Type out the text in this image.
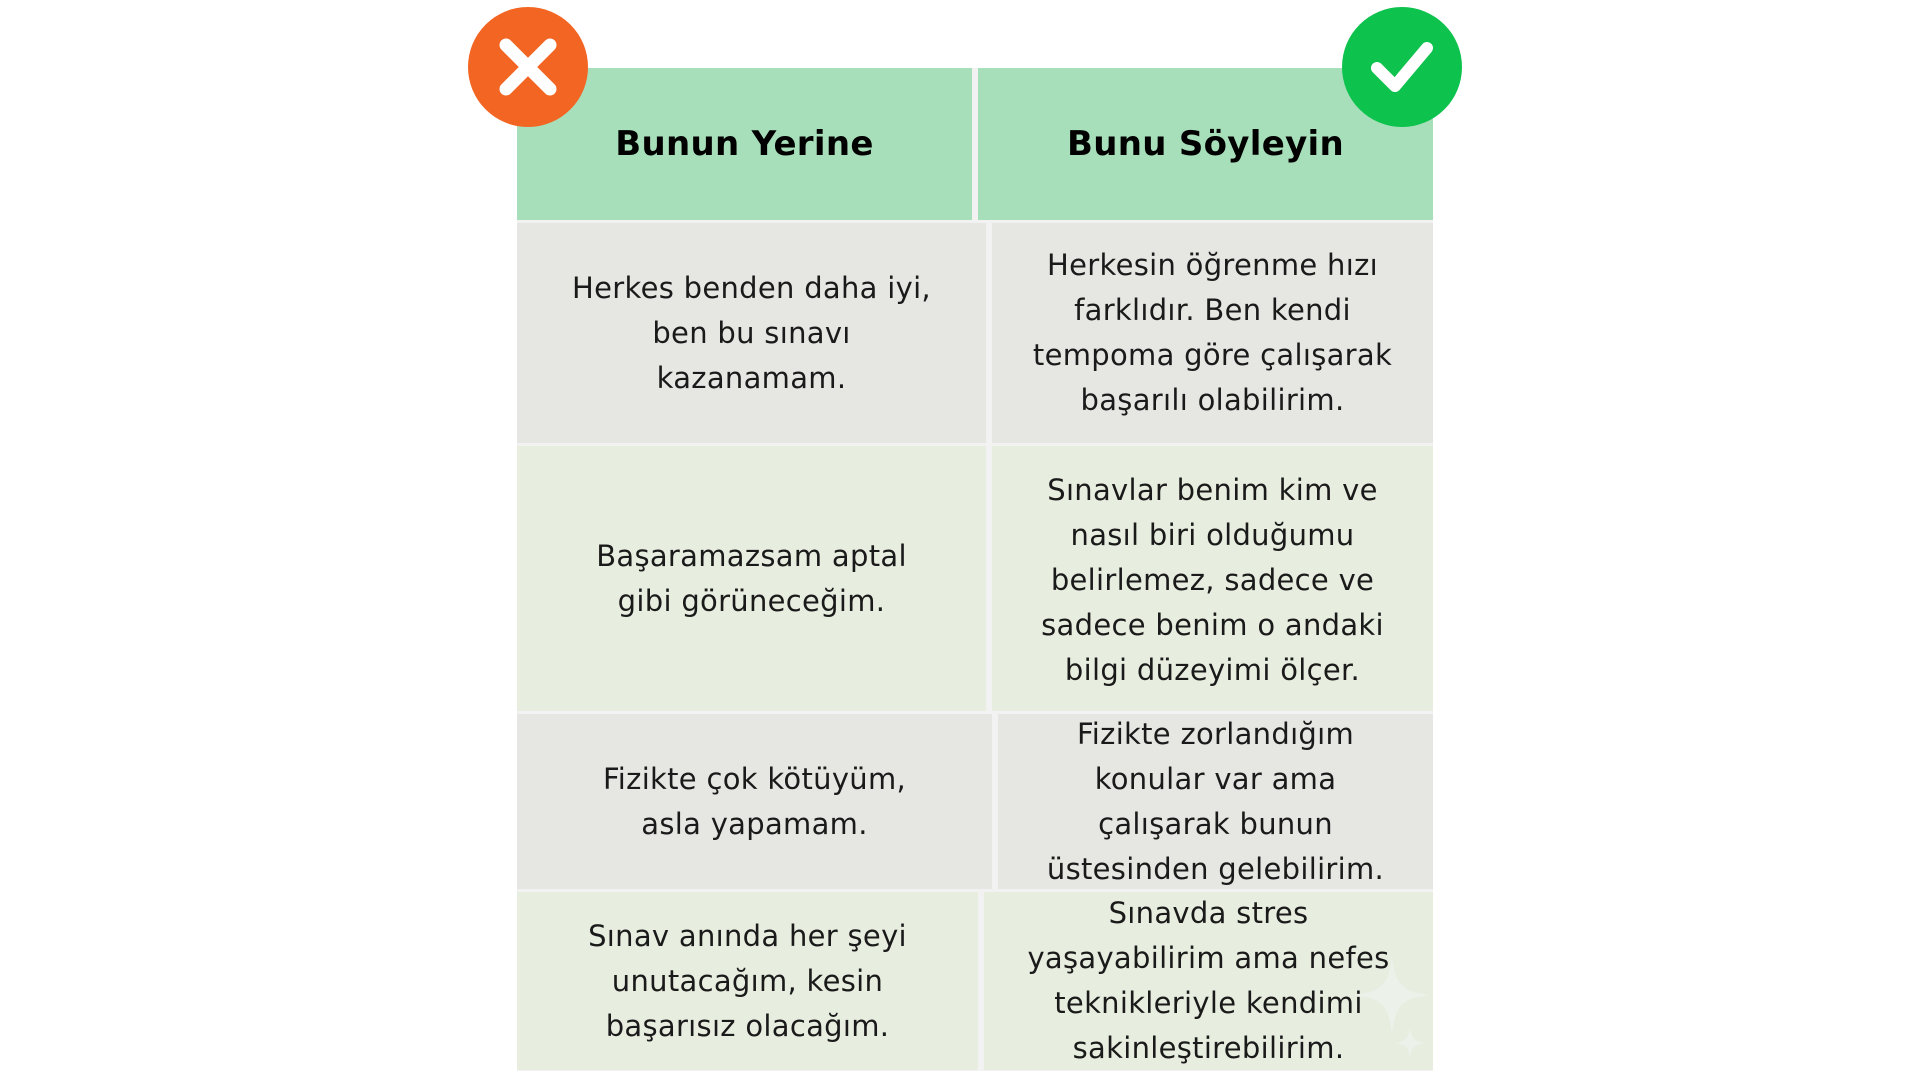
Bunun Yerine	Bunu Söyleyin
Herkes benden daha iyi, ben bu sınavı kazanamam.
Herkesin öğrenme hızı farklıdır. Ben kendi tempoma göre çalışarak başarılı olabilirim.
Başaramazsam aptal gibi görüneceğim.
Sınavlar benim kim ve nasıl biri olduğumu belirlemez, sadece ve sadece benim o andaki bilgi düzeyimi ölçer.
Fizikte çok kötüyüm, asla yapamam.
Fizikte zorlandığım konular var ama çalışarak bunun üstesinden gelebilirim.
Sınav anında her şeyi unutacağım, kesin başarısız olacağım.
Sınavda stres yaşayabilirim ama nefes teknikleriyle kendimi sakinleştirebilirim.
